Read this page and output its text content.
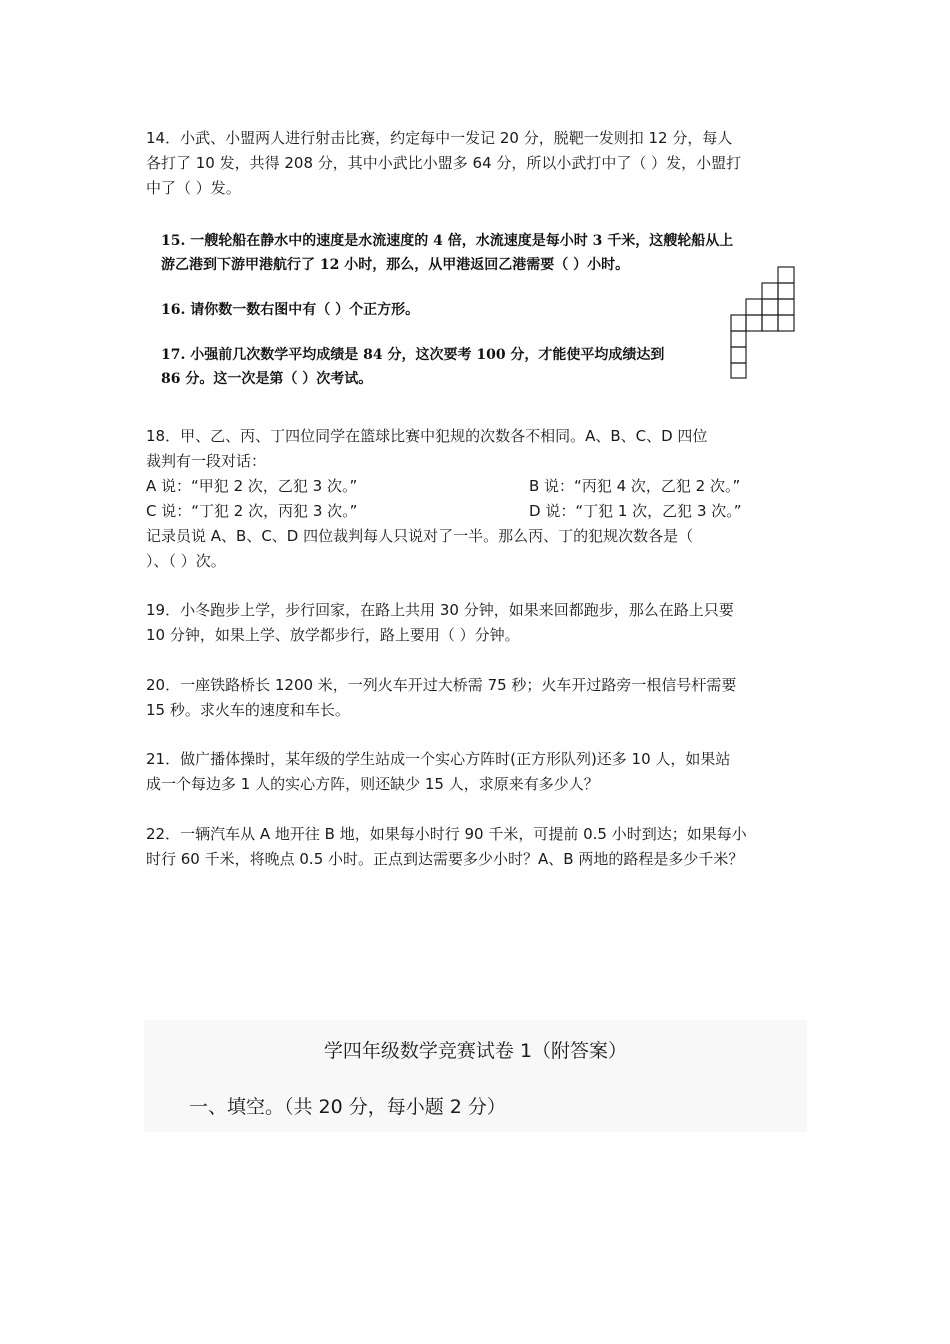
14．小武、小盟两人进行射击比赛，约定每中一发记 20 分，脱靶一发则扣 12 分，每人
各打了 10 发，共得 208 分，其中小武比小盟多 64 分，所以小武打中了（ ）发，小盟打
中了（ ）发。
15. 一艘轮船在静水中的速度是水流速度的 4 倍，水流速度是每小时 3 千米，这艘轮船从上
游乙港到下游甲港航行了 12 小时，那么，从甲港返回乙港需要（ ）小时。
16. 请你数一数右图中有（ ）个正方形。
17. 小强前几次数学平均成绩是 84 分，这次要考 100 分，才能使平均成绩达到
86 分。这一次是第（ ）次考试。
18．甲、乙、丙、丁四位同学在篮球比赛中犯规的次数各不相同。A、B、C、D 四位
裁判有一段对话：
A 说：“甲犯 2 次，乙犯 3 次。”	B 说：“丙犯 4 次，乙犯 2 次。”
C 说：“丁犯 2 次，丙犯 3 次。”	D 说：“丁犯 1 次，乙犯 3 次。”
记录员说 A、B、C、D 四位裁判每人只说对了一半。那么丙、丁的犯规次数各是（
）、（ ）次。
19．小冬跑步上学，步行回家，在路上共用 30 分钟，如果来回都跑步，那么在路上只要
10 分钟，如果上学、放学都步行，路上要用（ ）分钟。
20．一座铁路桥长 1200 米，一列火车开过大桥需 75 秒；火车开过路旁一根信号杆需要
15 秒。求火车的速度和车长。
21．做广播体操时，某年级的学生站成一个实心方阵时(正方形队列)还多 10 人，如果站
成一个每边多 1 人的实心方阵，则还缺少 15 人，求原来有多少人？
22．一辆汽车从 A 地开往 B 地，如果每小时行 90 千米，可提前 0.5 小时到达；如果每小
时行 60 千米，将晚点 0.5 小时。正点到达需要多少小时？A、B 两地的路程是多少千米？
学四年级数学竞赛试卷 1（附答案）
一、填空。（共 20 分，每小题 2 分）
